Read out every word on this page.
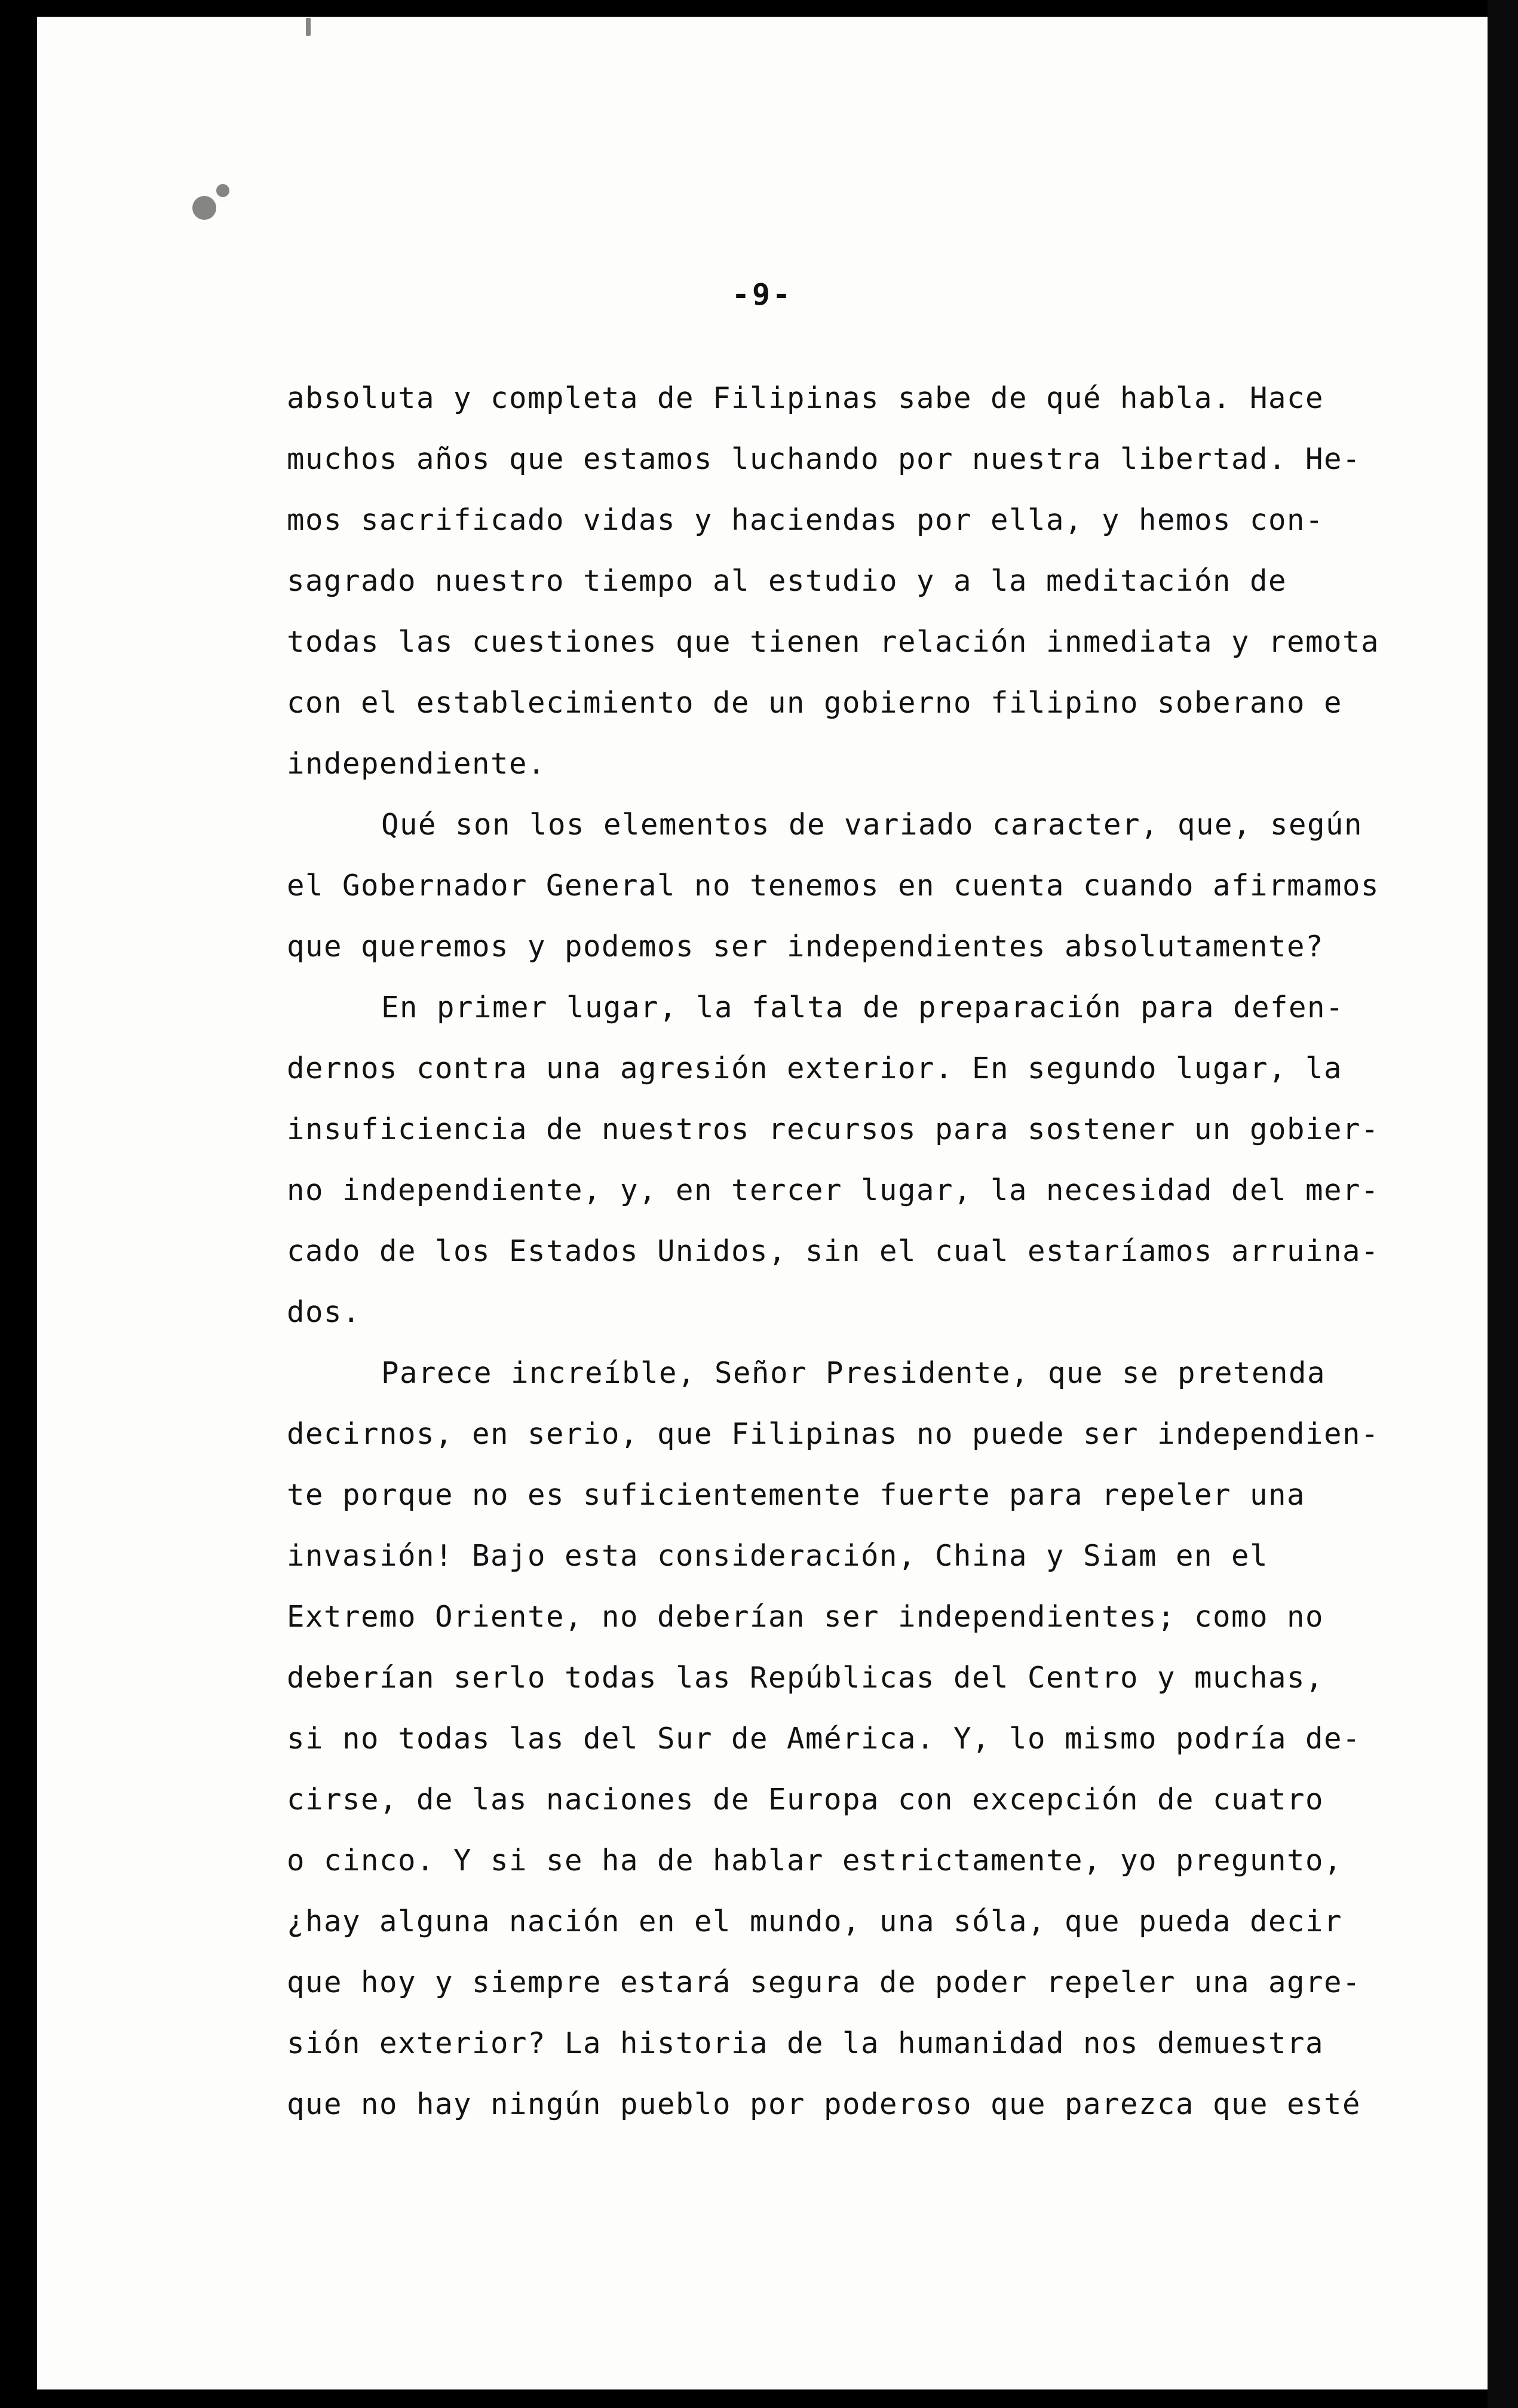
-9-
absoluta y completa de Filipinas sabe de qué habla. Hace
muchos años que estamos luchando por nuestra libertad. He-
mos sacrificado vidas y haciendas por ella, y hemos con-
sagrado nuestro tiempo al estudio y a la meditación de
todas las cuestiones que tienen relación inmediata y remota
con el establecimiento de un gobierno filipino soberano e
independiente.
Qué son los elementos de variado caracter, que, según
el Gobernador General no tenemos en cuenta cuando afirmamos
que queremos y podemos ser independientes absolutamente?
En primer lugar, la falta de preparación para defen-
dernos contra una agresión exterior. En segundo lugar, la
insuficiencia de nuestros recursos para sostener un gobier-
no independiente, y, en tercer lugar, la necesidad del mer-
cado de los Estados Unidos, sin el cual estaríamos arruina-
dos.
Parece increíble, Señor Presidente, que se pretenda
decirnos, en serio, que Filipinas no puede ser independien-
te porque no es suficientemente fuerte para repeler una
invasión! Bajo esta consideración, China y Siam en el
Extremo Oriente, no deberían ser independientes; como no
deberían serlo todas las Repúblicas del Centro y muchas,
si no todas las del Sur de América. Y, lo mismo podría de-
cirse, de las naciones de Europa con excepción de cuatro
o cinco. Y si se ha de hablar estrictamente, yo pregunto,
¿hay alguna nación en el mundo, una sóla, que pueda decir
que hoy y siempre estará segura de poder repeler una agre-
sión exterior? La historia de la humanidad nos demuestra
que no hay ningún pueblo por poderoso que parezca que esté
